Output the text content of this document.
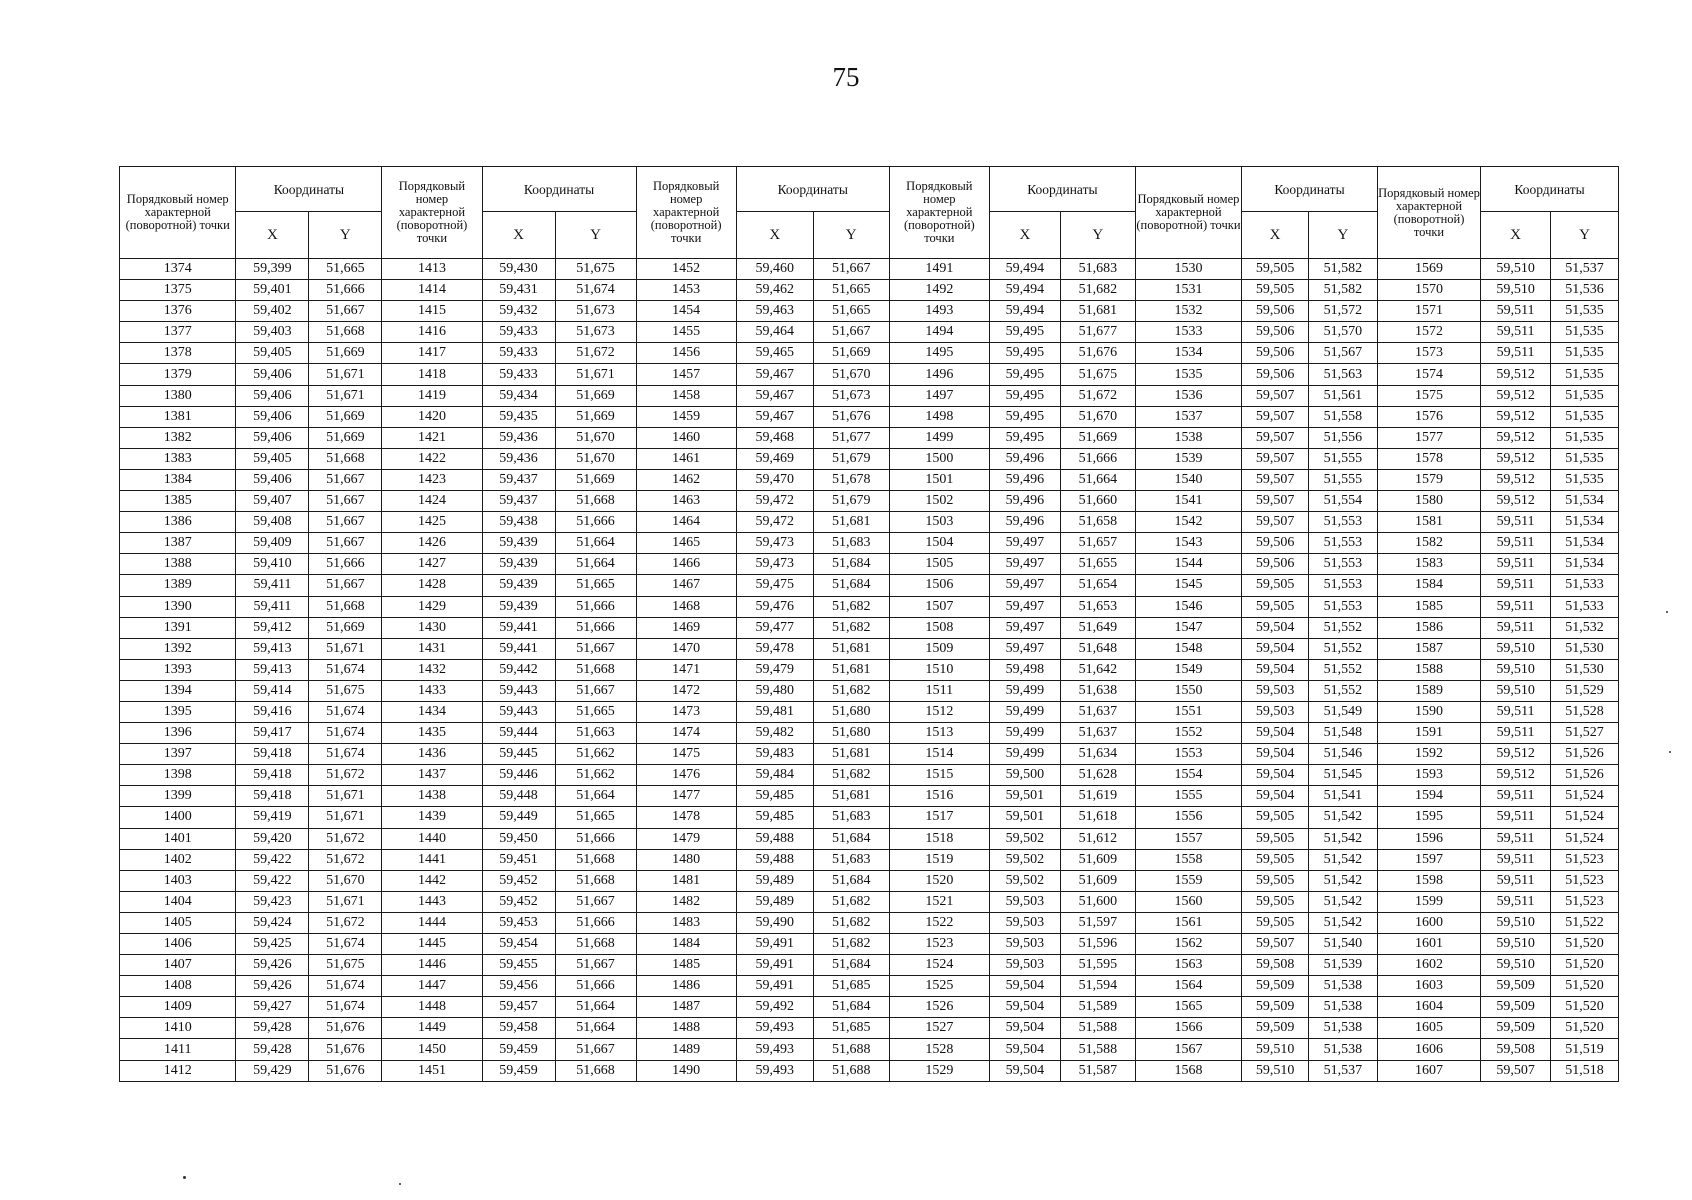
75
Порядковый номер характерной (поворотной) точки	Координаты		Порядковый номер характерной (поворотной) точки	Координаты		Порядковый номер характерной (поворотной) точки	Координаты		Порядковый номер характерной (поворотной) точки	Координаты		Порядковый номер характерной (поворотной) точки	Координаты		Порядковый номер характерной (поворотной) точки	Координаты	
	X	Y		X	Y		X	Y		X	Y		X	Y		X	Y
1374	59,399	51,665	1413	59,430	51,675	1452	59,460	51,667	1491	59,494	51,683	1530	59,505	51,582	1569	59,510	51,537
1375	59,401	51,666	1414	59,431	51,674	1453	59,462	51,665	1492	59,494	51,682	1531	59,505	51,582	1570	59,510	51,536
1376	59,402	51,667	1415	59,432	51,673	1454	59,463	51,665	1493	59,494	51,681	1532	59,506	51,572	1571	59,511	51,535
1377	59,403	51,668	1416	59,433	51,673	1455	59,464	51,667	1494	59,495	51,677	1533	59,506	51,570	1572	59,511	51,535
1378	59,405	51,669	1417	59,433	51,672	1456	59,465	51,669	1495	59,495	51,676	1534	59,506	51,567	1573	59,511	51,535
1379	59,406	51,671	1418	59,433	51,671	1457	59,467	51,670	1496	59,495	51,675	1535	59,506	51,563	1574	59,512	51,535
1380	59,406	51,671	1419	59,434	51,669	1458	59,467	51,673	1497	59,495	51,672	1536	59,507	51,561	1575	59,512	51,535
1381	59,406	51,669	1420	59,435	51,669	1459	59,467	51,676	1498	59,495	51,670	1537	59,507	51,558	1576	59,512	51,535
1382	59,406	51,669	1421	59,436	51,670	1460	59,468	51,677	1499	59,495	51,669	1538	59,507	51,556	1577	59,512	51,535
1383	59,405	51,668	1422	59,436	51,670	1461	59,469	51,679	1500	59,496	51,666	1539	59,507	51,555	1578	59,512	51,535
1384	59,406	51,667	1423	59,437	51,669	1462	59,470	51,678	1501	59,496	51,664	1540	59,507	51,555	1579	59,512	51,535
1385	59,407	51,667	1424	59,437	51,668	1463	59,472	51,679	1502	59,496	51,660	1541	59,507	51,554	1580	59,512	51,534
1386	59,408	51,667	1425	59,438	51,666	1464	59,472	51,681	1503	59,496	51,658	1542	59,507	51,553	1581	59,511	51,534
1387	59,409	51,667	1426	59,439	51,664	1465	59,473	51,683	1504	59,497	51,657	1543	59,506	51,553	1582	59,511	51,534
1388	59,410	51,666	1427	59,439	51,664	1466	59,473	51,684	1505	59,497	51,655	1544	59,506	51,553	1583	59,511	51,534
1389	59,411	51,667	1428	59,439	51,665	1467	59,475	51,684	1506	59,497	51,654	1545	59,505	51,553	1584	59,511	51,533
1390	59,411	51,668	1429	59,439	51,666	1468	59,476	51,682	1507	59,497	51,653	1546	59,505	51,553	1585	59,511	51,533
1391	59,412	51,669	1430	59,441	51,666	1469	59,477	51,682	1508	59,497	51,649	1547	59,504	51,552	1586	59,511	51,532
1392	59,413	51,671	1431	59,441	51,667	1470	59,478	51,681	1509	59,497	51,648	1548	59,504	51,552	1587	59,510	51,530
1393	59,413	51,674	1432	59,442	51,668	1471	59,479	51,681	1510	59,498	51,642	1549	59,504	51,552	1588	59,510	51,530
1394	59,414	51,675	1433	59,443	51,667	1472	59,480	51,682	1511	59,499	51,638	1550	59,503	51,552	1589	59,510	51,529
1395	59,416	51,674	1434	59,443	51,665	1473	59,481	51,680	1512	59,499	51,637	1551	59,503	51,549	1590	59,511	51,528
1396	59,417	51,674	1435	59,444	51,663	1474	59,482	51,680	1513	59,499	51,637	1552	59,504	51,548	1591	59,511	51,527
1397	59,418	51,674	1436	59,445	51,662	1475	59,483	51,681	1514	59,499	51,634	1553	59,504	51,546	1592	59,512	51,526
1398	59,418	51,672	1437	59,446	51,662	1476	59,484	51,682	1515	59,500	51,628	1554	59,504	51,545	1593	59,512	51,526
1399	59,418	51,671	1438	59,448	51,664	1477	59,485	51,681	1516	59,501	51,619	1555	59,504	51,541	1594	59,511	51,524
1400	59,419	51,671	1439	59,449	51,665	1478	59,485	51,683	1517	59,501	51,618	1556	59,505	51,542	1595	59,511	51,524
1401	59,420	51,672	1440	59,450	51,666	1479	59,488	51,684	1518	59,502	51,612	1557	59,505	51,542	1596	59,511	51,524
1402	59,422	51,672	1441	59,451	51,668	1480	59,488	51,683	1519	59,502	51,609	1558	59,505	51,542	1597	59,511	51,523
1403	59,422	51,670	1442	59,452	51,668	1481	59,489	51,684	1520	59,502	51,609	1559	59,505	51,542	1598	59,511	51,523
1404	59,423	51,671	1443	59,452	51,667	1482	59,489	51,682	1521	59,503	51,600	1560	59,505	51,542	1599	59,511	51,523
1405	59,424	51,672	1444	59,453	51,666	1483	59,490	51,682	1522	59,503	51,597	1561	59,505	51,542	1600	59,510	51,522
1406	59,425	51,674	1445	59,454	51,668	1484	59,491	51,682	1523	59,503	51,596	1562	59,507	51,540	1601	59,510	51,520
1407	59,426	51,675	1446	59,455	51,667	1485	59,491	51,684	1524	59,503	51,595	1563	59,508	51,539	1602	59,510	51,520
1408	59,426	51,674	1447	59,456	51,666	1486	59,491	51,685	1525	59,504	51,594	1564	59,509	51,538	1603	59,509	51,520
1409	59,427	51,674	1448	59,457	51,664	1487	59,492	51,684	1526	59,504	51,589	1565	59,509	51,538	1604	59,509	51,520
1410	59,428	51,676	1449	59,458	51,664	1488	59,493	51,685	1527	59,504	51,588	1566	59,509	51,538	1605	59,509	51,520
1411	59,428	51,676	1450	59,459	51,667	1489	59,493	51,688	1528	59,504	51,588	1567	59,510	51,538	1606	59,508	51,519
1412	59,429	51,676	1451	59,459	51,668	1490	59,493	51,688	1529	59,504	51,587	1568	59,510	51,537	1607	59,507	51,518
